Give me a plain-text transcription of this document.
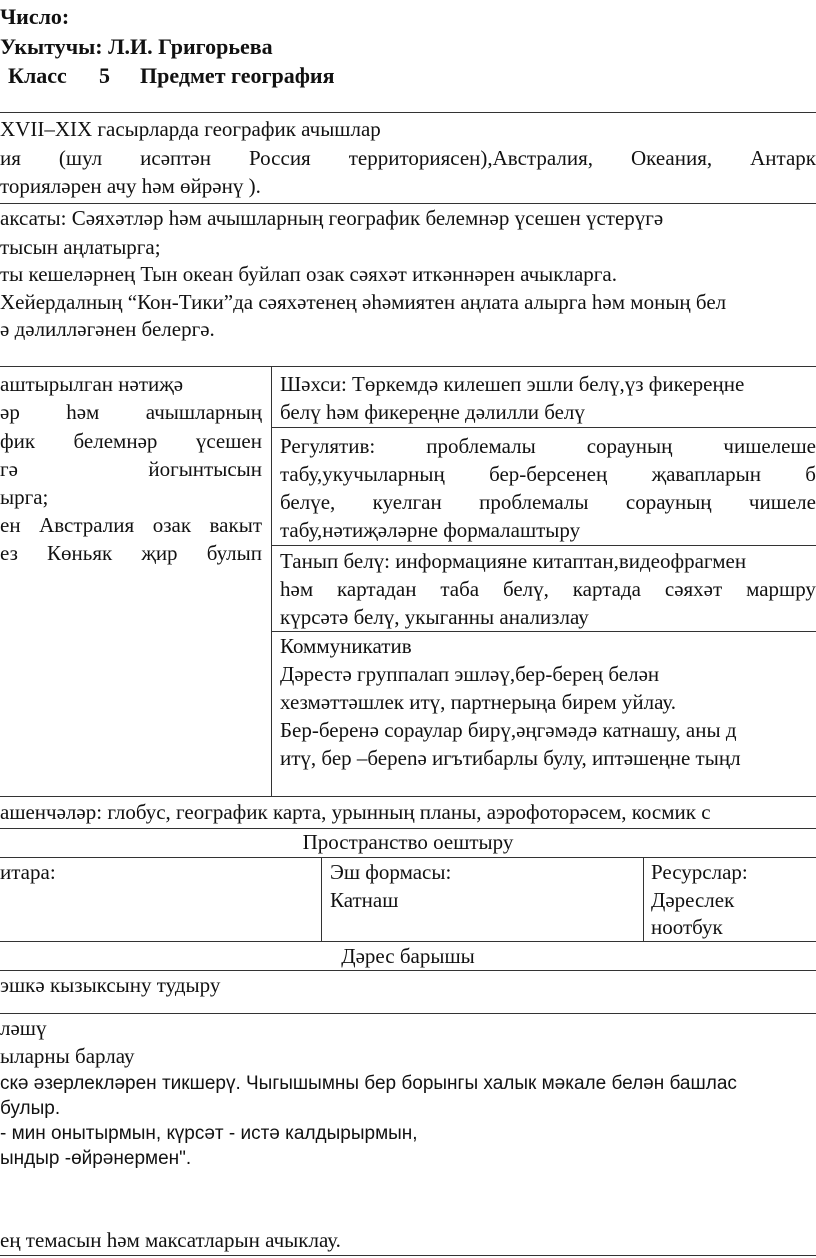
Число:
Укытучы: Л.И. Григорьева
Класс 5 Предмет география
XVII–XIX гасырларда географик ачышлар
ия (шул исәптән Россия территориясен),Австралия, Океания, Антарк
торияләрен ачу һәм өйрәнү ).
аксаты: Сәяхәтләр һәм ачышларның географик белемнәр үсешен үстерүгә
тысын аңлатырга;
ты кешеләрнең Тын океан буйлап озак сәяхәт иткәннәрен ачыкларга.
Хейердалның “Кон-Тики”да сәяхәтенең әһәмиятен аңлата алырга һәм моның бел
ә дәлилләгәнен белергә.
аштырылган нәтиҗә
әр һәм ачышларның
фик белемнәр үсешен
гә	йогынтысын
ырга;
ен Австралия озак вакыт
ез Көньяк җир булып
Шәхси: Төркемдә килешеп эшли белү,үз фикереңне
белү һәм фикереңне дәлилли белү
Регулятив: проблемалы сорауның чишелеше
табу,укучыларның бер-берсенең җавапларын б
белүе, куелган проблемалы сорауның чишеле
табу,нәтиҗәләрне формалаштыру
Танып белү: информацияне китаптан,видеофрагмен
һәм картадан таба белү, картада сәяхәт маршру
күрсәтә белү, укыганны анализлау
Коммуникатив
Дәрестә группалап эшләү,бер-берең белән
хезмәттәшлек итү, партнерыңа бирем уйлау.
Бер-беренә сораулар бирү,әңгәмәдә катнашу, аны д
итү, бер –берenә игътибарлы булу, иптәшеңне тыңл
ашенчәләр: глобус, географик карта, урынның планы, аэрофоторәсем, космик с
Пространство оештыру
итара:	Эш формасы:
Катнаш
Ресурслар:
Дәреслек
ноотбук
Дәрес барышы
эшкә кызыксыну тудыру
ләшү
ыларны барлау
скә әзерлекләрен тикшерү. Чыгышымны бер борынгы халык мәкале белән башлас
булыр.
- мин онытырмын, күрсәт - истә калдырырмын,
ындыр -өйрәнермен".
ең темасын һәм максатларын ачыклау.
